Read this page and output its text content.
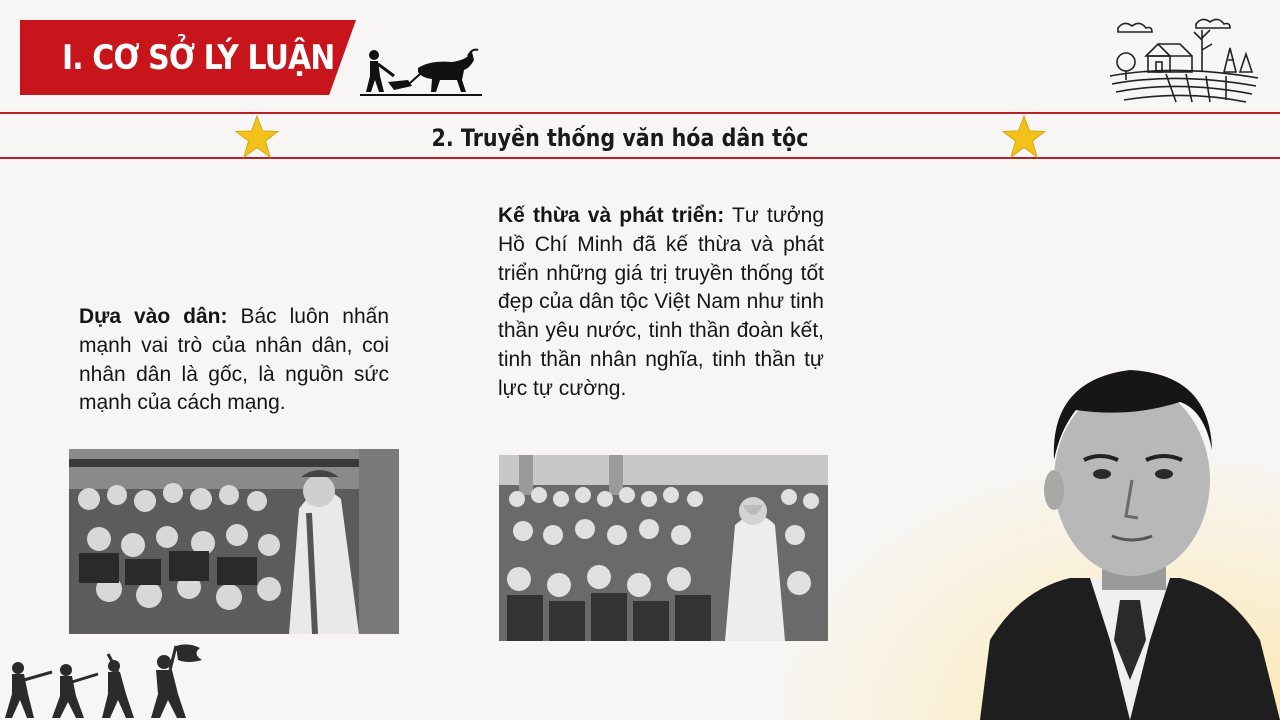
I. CƠ SỞ LÝ LUẬN
2. Truyền thống văn hóa dân tộc
Dựa vào dân: Bác luôn nhấn mạnh vai trò của nhân dân, coi nhân dân là gốc, là nguồn sức mạnh của cách mạng.
Kế thừa và phát triển: Tư tưởng Hồ Chí Minh đã kế thừa và phát triển những giá trị truyền thống tốt đẹp của dân tộc Việt Nam như tinh thần yêu nước, tinh thần đoàn kết, tinh thần nhân nghĩa, tinh thần tự lực tự cường.
